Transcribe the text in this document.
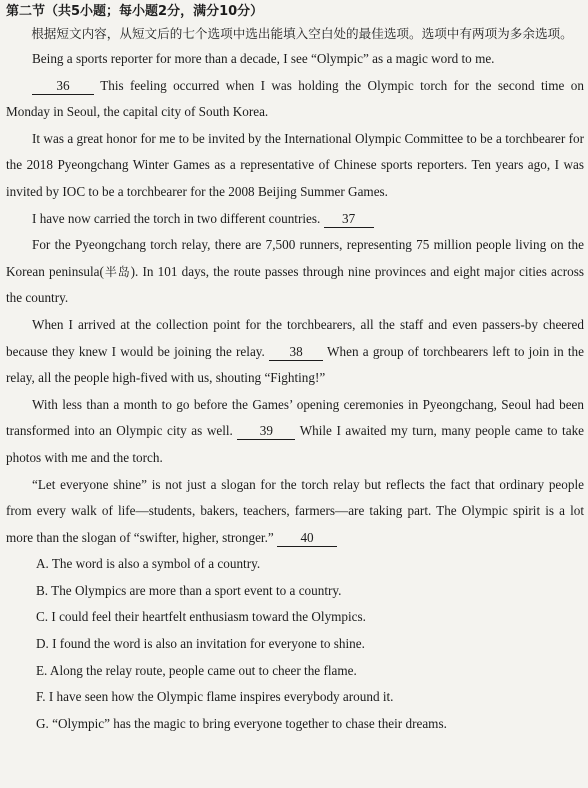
第二节（共5小题；每小题2分，满分10分）

根据短文内容，从短文后的七个选项中选出能填入空白处的最佳选项。选项中有两项为多余选项。

Being a sports reporter for more than a decade, I see “Olympic” as a magic word to me.

36 This feeling occurred when I was holding the Olympic torch for the second time on Monday in Seoul, the capital city of South Korea.

It was a great honor for me to be invited by the International Olympic Committee to be a torchbearer for the 2018 Pyeongchang Winter Games as a representative of Chinese sports reporters. Ten years ago, I was invited by IOC to be a torchbearer for the 2008 Beijing Summer Games.

I have now carried the torch in two different countries. 37

For the Pyeongchang torch relay, there are 7,500 runners, representing 75 million people living on the Korean peninsula(半岛). In 101 days, the route passes through nine provinces and eight major cities across the country.

When I arrived at the collection point for the torchbearers, all the staff and even passers-by cheered because they knew I would be joining the relay. 38 When a group of torchbearers left to join in the relay, all the people high-fived with us, shouting “Fighting!”

With less than a month to go before the Games’ opening ceremonies in Pyeongchang, Seoul had been transformed into an Olympic city as well. 39 While I awaited my turn, many people came to take photos with me and the torch.

“Let everyone shine” is not just a slogan for the torch relay but reflects the fact that ordinary people from every walk of life—students, bakers, teachers, farmers—are taking part. The Olympic spirit is a lot more than the slogan of “swifter, higher, stronger.” 40

A. The word is also a symbol of a country.
B. The Olympics are more than a sport event to a country.
C. I could feel their heartfelt enthusiasm toward the Olympics.
D. I found the word is also an invitation for everyone to shine.
E. Along the relay route, people came out to cheer the flame.
F. I have seen how the Olympic flame inspires everybody around it.
G. “Olympic” has the magic to bring everyone together to chase their dreams.
